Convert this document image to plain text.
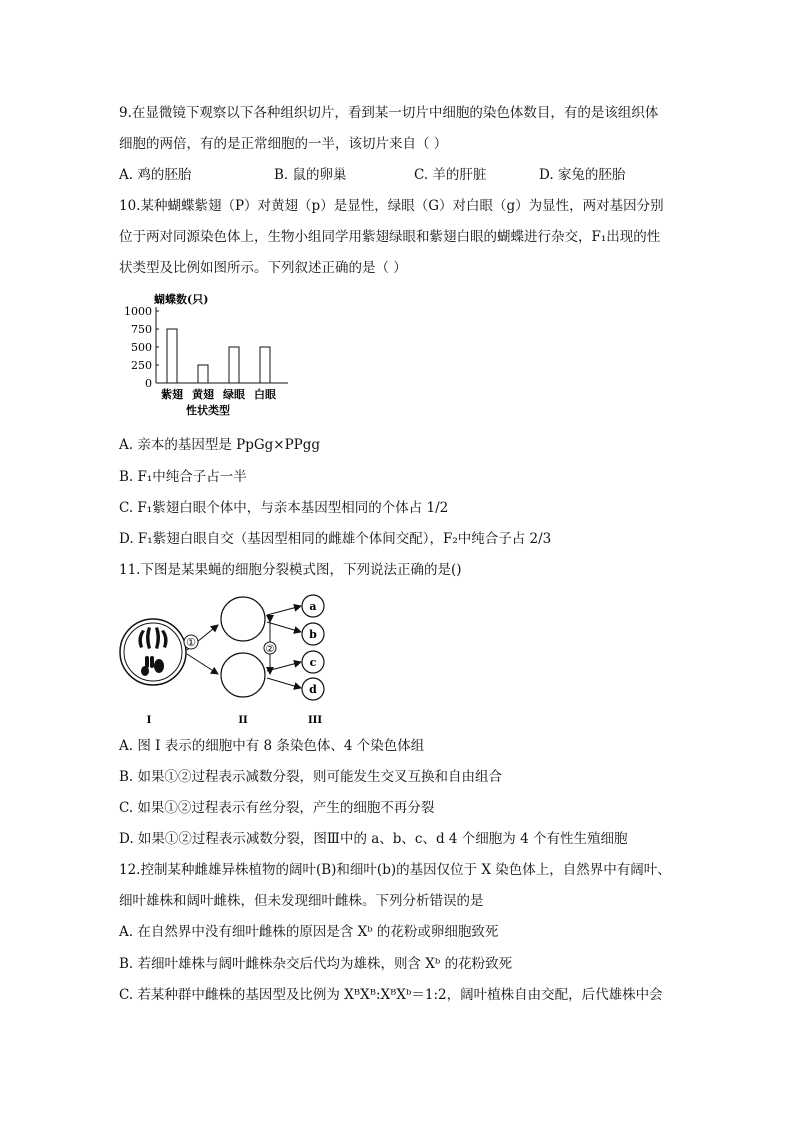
9.在显微镜下观察以下各种组织切片，看到某一切片中细胞的染色体数目，有的是该组织体
细胞的两倍，有的是正常细胞的一半，该切片来自（ ）
A. 鸡的胚胎	B. 鼠的卵巢	C. 羊的肝脏	D. 家兔的胚胎
10.某种蝴蝶紫翅（P）对黄翅（p）是显性，绿眼（G）对白眼（g）为显性，两对基因分别
位于两对同源染色体上，生物小组同学用紫翅绿眼和紫翅白眼的蝴蝶进行杂交，F₁出现的性
状类型及比例如图所示。下列叙述正确的是（ ）
蝴蝶数(只)
0
250
500
750
1000
紫翅 黄翅 绿眼 白眼
性状类型
A. 亲本的基因型是 PpGg×PPgg
B. F₁中纯合子占一半
C. F₁紫翅白眼个体中，与亲本基因型相同的个体占 1/2
D. F₁紫翅白眼自交（基因型相同的雌雄个体间交配），F₂中纯合子占 2/3
11.下图是某果蝇的细胞分裂模式图，下列说法正确的是()
①
②
a
b
c
d
I	II	III
A. 图 I 表示的细胞中有 8 条染色体、4 个染色体组
B. 如果①②过程表示减数分裂，则可能发生交叉互换和自由组合
C. 如果①②过程表示有丝分裂，产生的细胞不再分裂
D. 如果①②过程表示减数分裂，图Ⅲ中的 a、b、c、d 4 个细胞为 4 个有性生殖细胞
12.控制某种雌雄异株植物的阔叶(B)和细叶(b)的基因仅位于 X 染色体上，自然界中有阔叶、
细叶雄株和阔叶雌株，但未发现细叶雌株。下列分析错误的是
A. 在自然界中没有细叶雌株的原因是含 Xᵇ 的花粉或卵细胞致死
B. 若细叶雄株与阔叶雌株杂交后代均为雄株，则含 Xᵇ 的花粉致死
C. 若某种群中雌株的基因型及比例为 XᴮXᴮ:XᴮXᵇ＝1:2，阔叶植株自由交配，后代雄株中会
